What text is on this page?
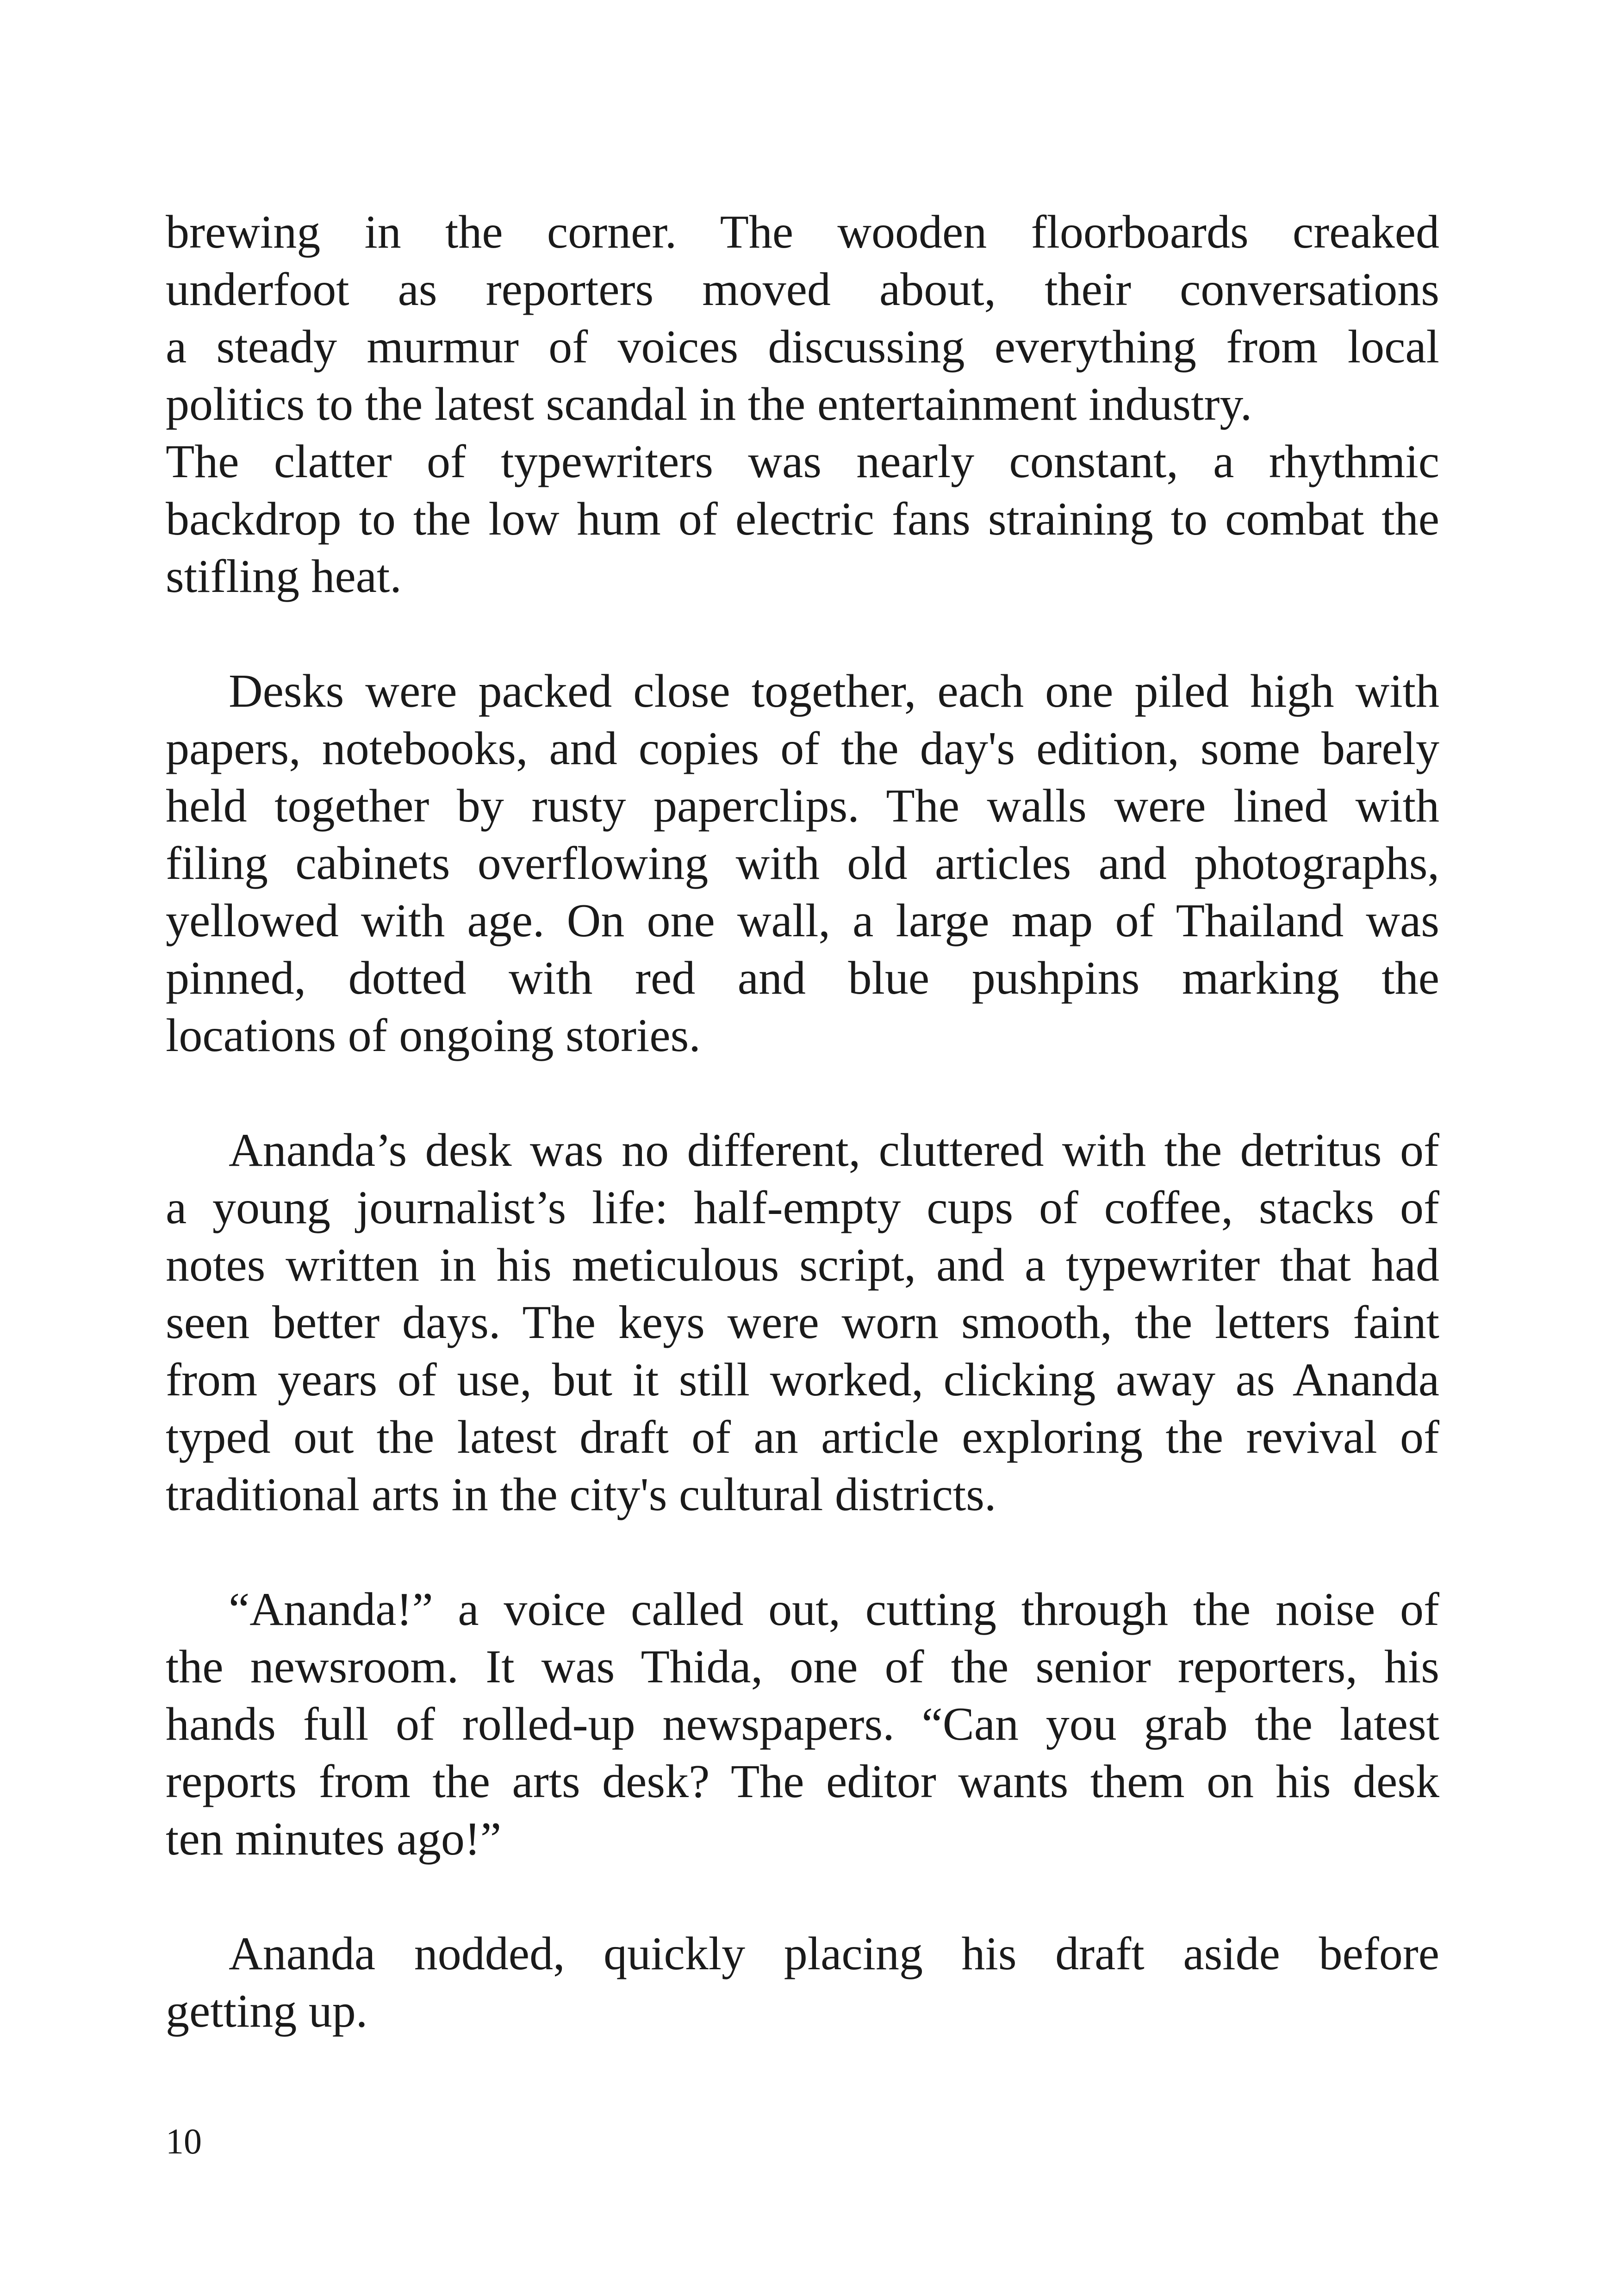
brewing in the corner. The wooden floorboards creaked
underfoot as reporters moved about, their conversations
a steady murmur of voices discussing everything from local
politics to the latest scandal in the entertainment industry.
The clatter of typewriters was nearly constant, a rhythmic
backdrop to the low hum of electric fans straining to combat the
stifling heat.
Desks were packed close together, each one piled high with
papers, notebooks, and copies of the day's edition, some barely
held together by rusty paperclips. The walls were lined with
filing cabinets overflowing with old articles and photographs,
yellowed with age. On one wall, a large map of Thailand was
pinned, dotted with red and blue pushpins marking the
locations of ongoing stories.
Ananda’s desk was no different, cluttered with the detritus of
a young journalist’s life: half-empty cups of coffee, stacks of
notes written in his meticulous script, and a typewriter that had
seen better days. The keys were worn smooth, the letters faint
from years of use, but it still worked, clicking away as Ananda
typed out the latest draft of an article exploring the revival of
traditional arts in the city's cultural districts.
“Ananda!” a voice called out, cutting through the noise of
the newsroom. It was Thida, one of the senior reporters, his
hands full of rolled-up newspapers. “Can you grab the latest
reports from the arts desk? The editor wants them on his desk
ten minutes ago!”
Ananda nodded, quickly placing his draft aside before
getting up.
10
